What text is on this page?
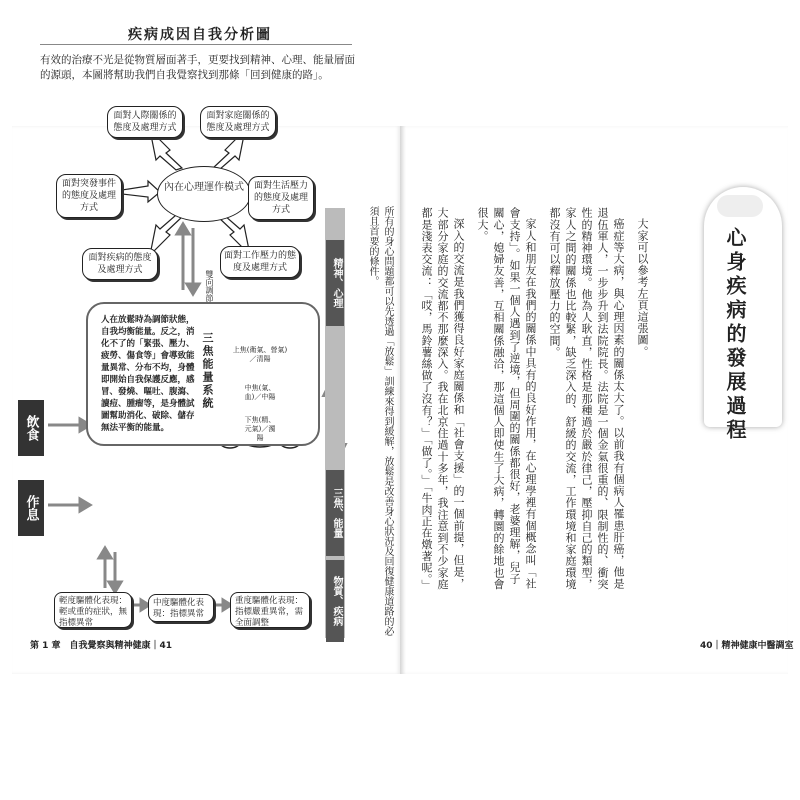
疾病成因自我分析圖
有效的治療不光是從物質層面著手，更要找到精神、心理、能量層面的源頭，本圖將幫助我們自我覺察找到那條「回到健康的路」。
內在心理運作模式
面對人際關係的態度及處理方式
面對家庭關係的態度及處理方式
面對突發事件的態度及處理方式
面對生活壓力的態度及處理方式
面對疾病的態度及處理方式
面對工作壓力的態度及處理方式
雙向調節
飲食
作息
人在放鬆時為調節狀態，自我均衡能量。反之，消化不了的「緊張、壓力、疲勞、傷食等」會導致能量異常、分布不均，身體即開始自我保護反應，感冒、發燒、嘔吐、腹瀉、讀痘、腫瘤等，是身體試圖幫助消化、破除、儲存無法平衡的能量。
三焦能量系統	上焦(衛氣、營氣)／清陽
中焦(氣、血)／中陽
下焦(精、元氣)／濁陽
精神、心理
三焦、能量
物質、疾病	所有的身心問題都可以先透過「放鬆」訓練來得到緩解，放鬆是改善身心狀況及回復健康道路的必須且首要的條件。
輕度驅體化表現：輕或重的症狀，無指標異常
中度驅體化表現：指標異常
重度驅體化表現：指標嚴重異常，需全面調整
第 1 章　自我覺察與精神健康｜41

大家可以參考左頁這張圖。

癌症等大病，與心理因素的關係太大了。以前我有個病人罹患肝癌，他是退伍軍人，一步步升到法院院長。法院是一個金氣很重的、限制性的、衝突性的精神環境。他為人耿直，性格是那種過於嚴於律己，壓抑自己的類型，家人之間的關係也比較緊，缺乏深入的、舒緩的交流，工作環境和家庭環境都沒有可以釋放壓力的空間。

家人和朋友在我們的關係中具有的良好作用，在心理學裡有個概念叫「社會支持」。如果一個人遇到了逆境，但周圍的關係都很好，老婆理解，兒子關心，媳婦友善，互相關係融洽，那這個人即使生了大病，轉圜的餘地也會很大。

深入的交流是我們獲得良好家庭關係和「社會支援」的一個前提，但是，大部分家庭的交流都不那麼深入。我在北京住過十多年，我注意到不少家庭都是淺表交流：「哎，馬鈴薯絲做了沒有？」「做了。」「牛肉正在燉著呢。」

心身疾病的發展過程
40｜精神健康中醫調室
